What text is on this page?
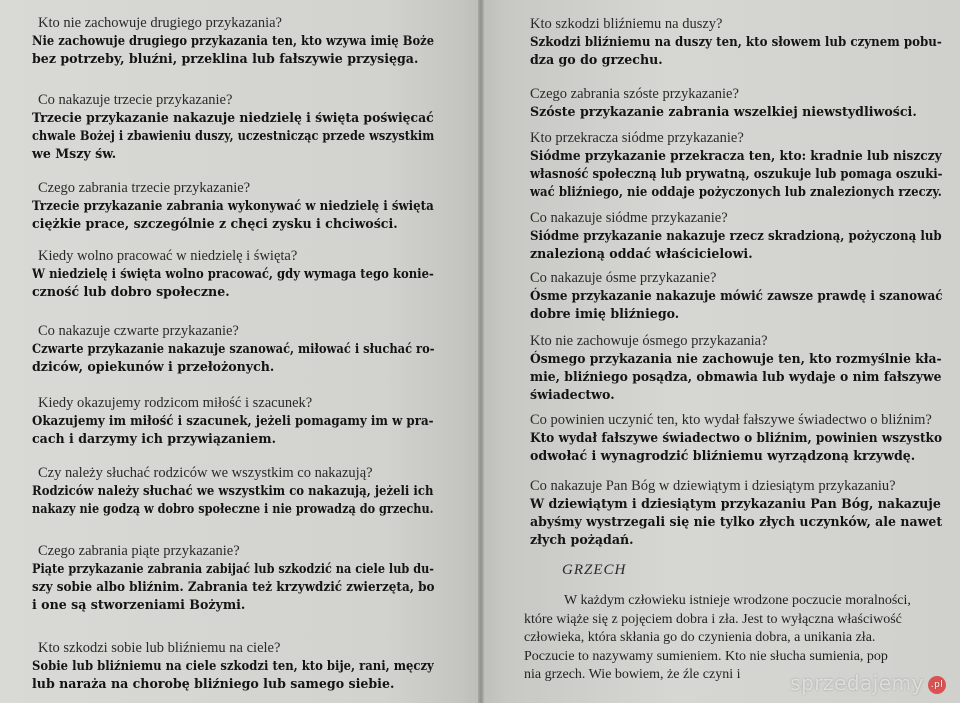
Kto nie zachowuje drugiego przykazania?
Nie zachowuje drugiego przykazania ten, kto wzywa imię Boże
bez potrzeby, bluźni, przeklina lub fałszywie przysięga.
Co nakazuje trzecie przykazanie?
Trzecie przykazanie nakazuje niedzielę i święta poświęcać
chwale Bożej i zbawieniu duszy, uczestnicząc przede wszystkim
we Mszy św.
Czego zabrania trzecie przykazanie?
Trzecie przykazanie zabrania wykonywać w niedzielę i święta
ciężkie prace, szczególnie z chęci zysku i chciwości.
Kiedy wolno pracować w niedzielę i święta?
W niedzielę i święta wolno pracować, gdy wymaga tego konie-
czność lub dobro społeczne.
Co nakazuje czwarte przykazanie?
Czwarte przykazanie nakazuje szanować, miłować i słuchać ro-
dziców, opiekunów i przełożonych.
Kiedy okazujemy rodzicom miłość i szacunek?
Okazujemy im miłość i szacunek, jeżeli pomagamy im w pra-
cach i darzymy ich przywiązaniem.
Czy należy słuchać rodziców we wszystkim co nakazują?
Rodziców należy słuchać we wszystkim co nakazują, jeżeli ich
nakazy nie godzą w dobro społeczne i nie prowadzą do grzechu.
Czego zabrania piąte przykazanie?
Piąte przykazanie zabrania zabijać lub szkodzić na ciele lub du-
szy sobie albo bliźnim. Zabrania też krzywdzić zwierzęta, bo
i one są stworzeniami Bożymi.
Kto szkodzi sobie lub bliźniemu na ciele?
Sobie lub bliźniemu na ciele szkodzi ten, kto bije, rani, męczy
lub naraża na chorobę bliźniego lub samego siebie.
GRZECH
W każdym człowieku istnieje wrodzone poczucie moralności,
które wiąże się z pojęciem dobra i zła. Jest to wyłączna właściwość
człowieka, która skłania go do czynienia dobra, a unikania zła.
Poczucie to nazywamy sumieniem. Kto nie słucha sumienia, pop
nia grzech. Wie bowiem, że źle czyni i
Kto szkodzi bliźniemu na duszy?
Szkodzi bliźniemu na duszy ten, kto słowem lub czynem pobu-
dza go do grzechu.
Czego zabrania szóste przykazanie?
Szóste przykazanie zabrania wszelkiej niewstydliwości.
Kto przekracza siódme przykazanie?
Siódme przykazanie przekracza ten, kto: kradnie lub niszczy
własność społeczną lub prywatną, oszukuje lub pomaga oszuki-
wać bliźniego, nie oddaje pożyczonych lub znalezionych rzeczy.
Co nakazuje siódme przykazanie?
Siódme przykazanie nakazuje rzecz skradzioną, pożyczoną lub
znalezioną oddać właścicielowi.
Co nakazuje ósme przykazanie?
Ósme przykazanie nakazuje mówić zawsze prawdę i szanować
dobre imię bliźniego.
Kto nie zachowuje ósmego przykazania?
Ósmego przykazania nie zachowuje ten, kto rozmyślnie kła-
mie, bliźniego posądza, obmawia lub wydaje o nim fałszywe
świadectwo.
Co powinien uczynić ten, kto wydał fałszywe świadectwo o bliźnim?
Kto wydał fałszywe świadectwo o bliźnim, powinien wszystko
odwołać i wynagrodzić bliźniemu wyrządzoną krzywdę.
Co nakazuje Pan Bóg w dziewiątym i dziesiątym przykazaniu?
W dziewiątym i dziesiątym przykazaniu Pan Bóg, nakazuje
abyśmy wystrzegali się nie tylko złych uczynków, ale nawet
złych pożądań.
sprzedajemy .pl
